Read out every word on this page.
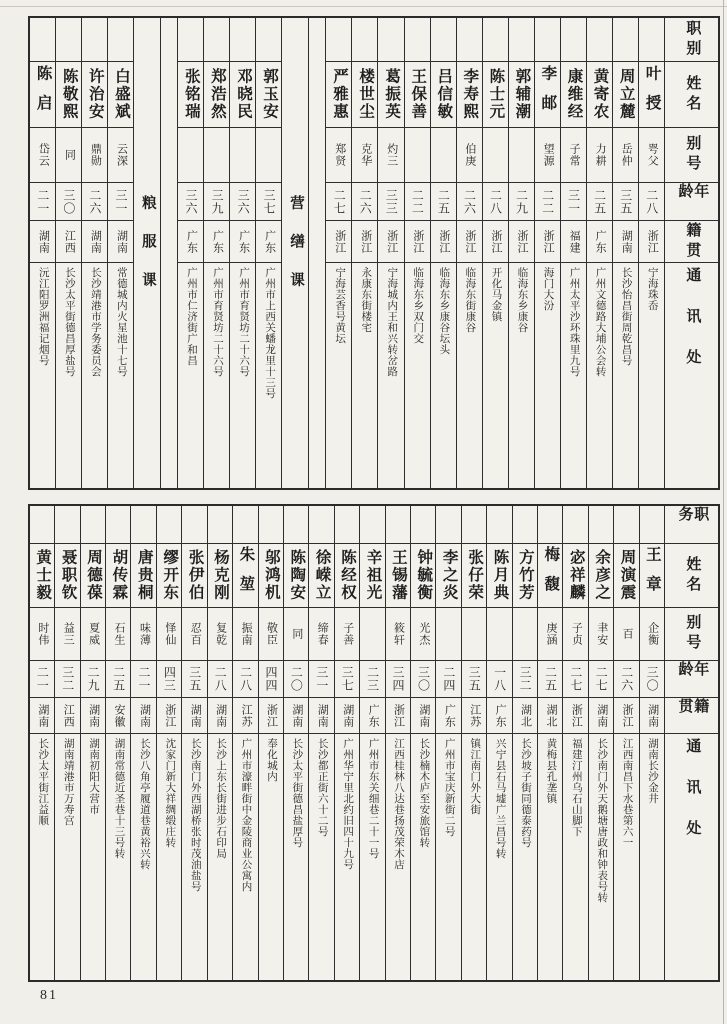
职别
姓名
别号
年龄
籍贯
通讯处
叶授
咢父
二八
浙江
宁海珠岙
周立麓
岳仲
三五
湖南
长沙怡昌街周乾昌号
黄寄农
力耕
二五
广东
广州文德路大埔公会转
康维经
子常
三一
福建
广州太平沙环珠里九号
李邮
望源
二二
浙江
海门大汾
郭辅潮
二九
浙江
临海东乡康谷
陈士元
二八
浙江
开化马金镇
李寿熙
伯庚
二六
浙江
临海东街康谷
吕信敏
二五
浙江
临海东乡康谷坛头
王保善
二二
浙江
临海东乡双门交
葛振英
灼三
三三
浙江
宁海城内王和兴转岔路
楼世尘
克华
二六
浙江
永康东街楼宅
严雅惠
郑贤
二七
浙江
宁海芸香号黄坛
营缮课
郭玉安
三七
广东
广州市上西关蟠龙里十三号
邓晓民
三六
广东
广州市育贤坊二十六号
郑浩然
三九
广东
广州市育贤坊二十六号
张铭瑞
三六
广东
广州市仁济街广和昌
粮服课
白盛斌
云深
三一
湖南
常德城内火星池十七号
许治安
鼎勋
二六
湖南
长沙靖港市学务委员会
陈敬熙
同
三〇
江西
长沙太平街德昌厚盐号
陈启
岱云
二一
湖南
沅江阳罗洲福记烟号
职务
姓名
别号
年龄
籍贯
通讯处
王章
企衡
三〇
湖南
湖南长沙金井
周演震
百
二六
浙江
江西南昌下水巷第六一
余彦之
聿安
二七
湖南
长沙南门外天鹅塘唐政和钟表号转
宓祥麟
子贞
二七
浙江
福建汀州乌石山脚下
梅馥
庚涵
二五
湖北
黄梅县孔垄镇
方竹芳
三二
湖北
长沙坡子街同德泰药号
陈月典
一八
广东
兴宁县石马墟广兰昌号转
张仔荣
三五
江苏
镇江南门外大街
李之炎
二四
广东
广州市宝庆新街二号
钟毓衡
光杰
三〇
湖南
长沙楠木庐至安旅馆转
王锡藩
筱轩
三四
浙江
江西桂林八达巷扬茂荣木店
辛祖光
二三
广东
广州市东关细巷二十一号
陈经权
子善
三七
湖南
广州华宁里北约旧四十九号
徐嵘立
缔春
三一
湖南
长沙都正街六十二号
陈陶安
同
二〇
湖南
长沙太平街德昌盐厚号
邬鸿机
敬臣
四四
浙江
奉化城内
朱堃
振南
二八
江苏
广州市濠畔街中金陵商业公寓内
杨克刚
复乾
二八
湖南
长沙上东长街进步石印局
张伊伯
忍百
三五
湖南
长沙南门外西湖桥张时茂油盐号
缪开东
怿仙
四三
浙江
沈家门新大祥绸缎庄转
唐贵桐
味薄
二一
湖南
长沙八角亭履道巷黄裕兴转
胡传霖
石生
二五
安徽
湖南常德近圣巷十三号转
周德葆
夏威
二九
湖南
湖南初阳大营市
聂职钦
益三
三二
江西
湖南靖港市万寿宫
黄士毅
时伟
二一
湖南
长沙太平街江益顺
81
